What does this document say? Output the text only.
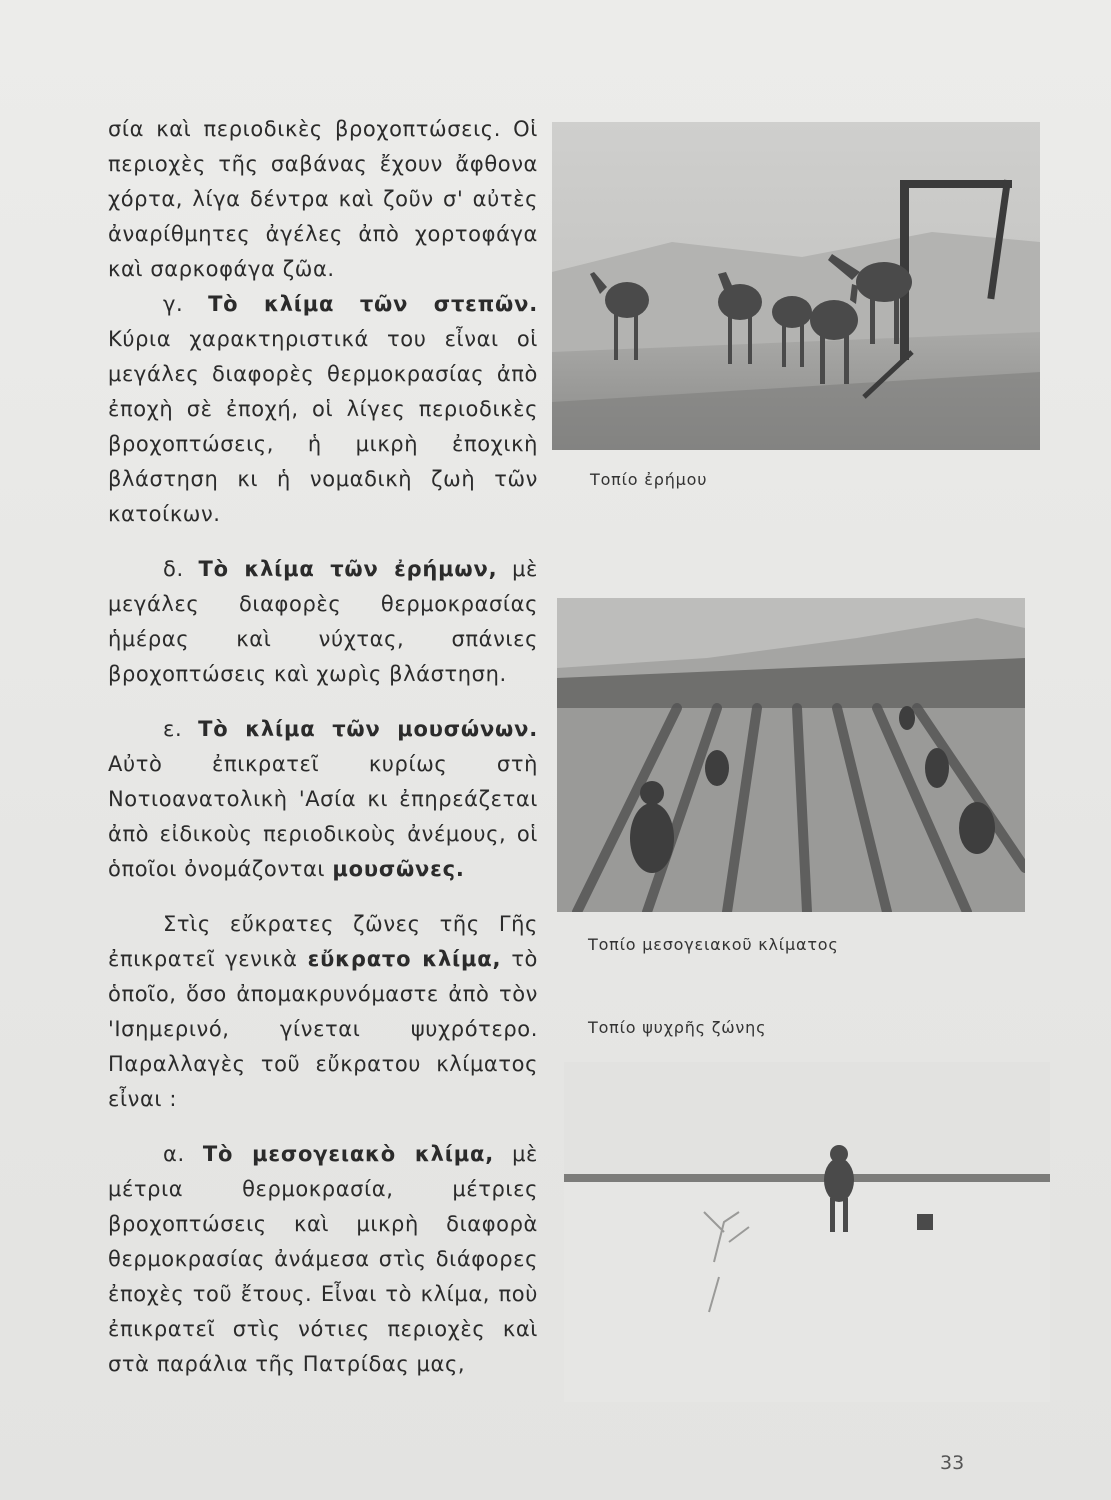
σία καὶ περιοδικὲς βροχοπτώσεις. Οἱ περιοχὲς τῆς σαβάνας ἔχουν ἄφθονα χόρτα, λίγα δέντρα καὶ ζοῦν σ' αὐτὲς ἀναρίθμητες ἀγέλες ἀπὸ χορτοφάγα καὶ σαρκοφάγα ζῶα.

γ. Τὸ κλίμα τῶν στεπῶν. Κύρια χαρακτηριστικά του εἶναι οἱ μεγάλες διαφορὲς θερμοκρασίας ἀπὸ ἐποχὴ σὲ ἐποχή, οἱ λίγες περιοδικὲς βροχοπτώσεις, ἡ μικρὴ ἐποχικὴ βλάστηση κι ἡ νομαδικὴ ζωὴ τῶν κατοίκων.

δ. Τὸ κλίμα τῶν ἐρήμων, μὲ μεγάλες διαφορὲς θερμοκρασίας ἡμέρας καὶ νύχτας, σπάνιες βροχοπτώσεις καὶ χωρὶς βλάστηση.

ε. Τὸ κλίμα τῶν μουσώνων. Αὐτὸ ἐπικρατεῖ κυρίως στὴ Νοτιοανατολικὴ 'Ασία κι ἐπηρεάζεται ἀπὸ εἰδικοὺς περιοδικοὺς ἀνέμους, οἱ ὁποῖοι ὀνομάζονται μουσῶνες.

Στὶς εὔκρατες ζῶνες τῆς Γῆς ἐπικρατεῖ γενικὰ εὔκρατο κλίμα, τὸ ὁποῖο, ὅσο ἀπομακρυνόμαστε ἀπὸ τὸν 'Ισημερινό, γίνεται ψυχρότερο. Παραλλαγὲς τοῦ εὔκρατου κλίματος εἶναι :

α. Τὸ μεσογειακὸ κλίμα, μὲ μέτρια θερμοκρασία, μέτριες βροχοπτώσεις καὶ μικρὴ διαφορὰ θερμοκρασίας ἀνάμεσα στὶς διάφορες ἐποχὲς τοῦ ἔτους. Εἶναι τὸ κλίμα, ποὺ ἐπικρατεῖ στὶς νότιες περιοχὲς καὶ στὰ παράλια τῆς Πατρίδας μας,

Τοπίο ἐρήμου
Τοπίο μεσογειακοῦ κλίματος
Τοπίο ψυχρῆς ζώνης
33
